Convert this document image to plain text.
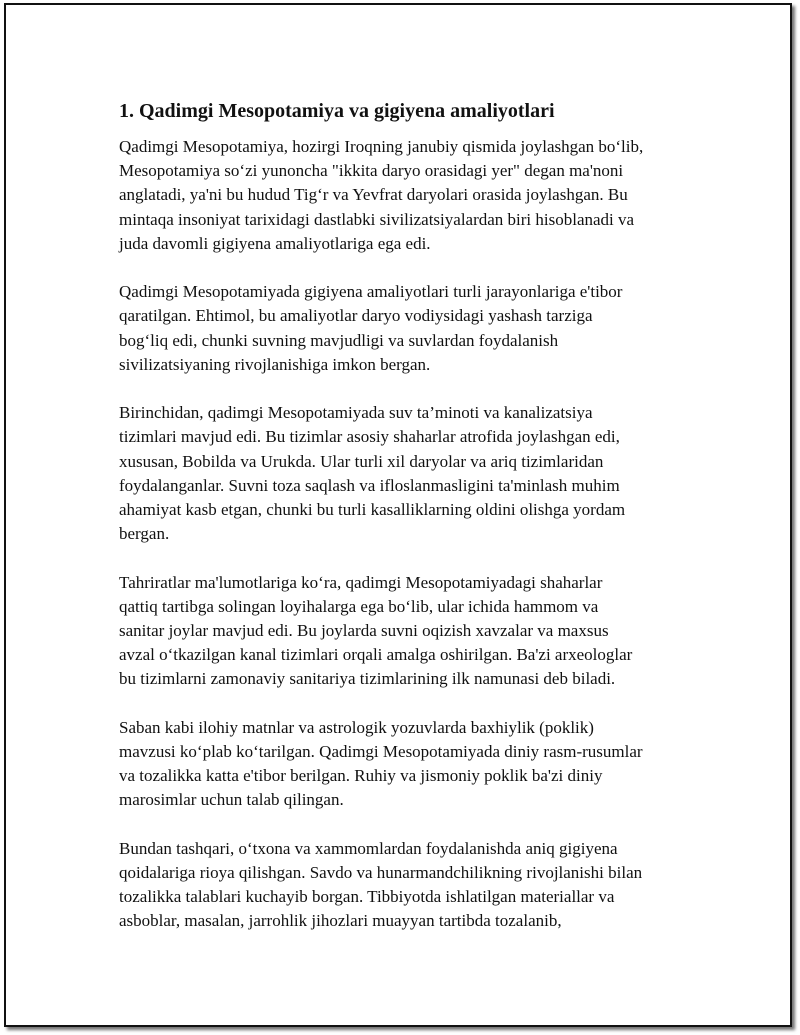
1. Qadimgi Mesopotamiya va gigiyena amaliyotlari

Qadimgi Mesopotamiya, hozirgi Iroqning janubiy qismida joylashgan bo‘lib,
Mesopotamiya so‘zi yunoncha "ikkita daryo orasidagi yer" degan ma'noni
anglatadi, ya'ni bu hudud Tig‘r va Yevfrat daryolari orasida joylashgan. Bu
mintaqa insoniyat tarixidagi dastlabki sivilizatsiyalardan biri hisoblanadi va
juda davomli gigiyena amaliyotlariga ega edi.

Qadimgi Mesopotamiyada gigiyena amaliyotlari turli jarayonlariga e'tibor
qaratilgan. Ehtimol, bu amaliyotlar daryo vodiysidagi yashash tarziga
bog‘liq edi, chunki suvning mavjudligi va suvlardan foydalanish
sivilizatsiyaning rivojlanishiga imkon bergan.

Birinchidan, qadimgi Mesopotamiyada suv ta’minoti va kanalizatsiya
tizimlari mavjud edi. Bu tizimlar asosiy shaharlar atrofida joylashgan edi,
xususan, Bobilda va Urukda. Ular turli xil daryolar va ariq tizimlaridan
foydalanganlar. Suvni toza saqlash va ifloslanmasligini ta'minlash muhim
ahamiyat kasb etgan, chunki bu turli kasalliklarning oldini olishga yordam
bergan.

Tahriratlar ma'lumotlariga ko‘ra, qadimgi Mesopotamiyadagi shaharlar
qattiq tartibga solingan loyihalarga ega bo‘lib, ular ichida hammom va
sanitar joylar mavjud edi. Bu joylarda suvni oqizish xavzalar va maxsus
avzal o‘tkazilgan kanal tizimlari orqali amalga oshirilgan. Ba'zi arxeologlar
bu tizimlarni zamonaviy sanitariya tizimlarining ilk namunasi deb biladi.

Saban kabi ilohiy matnlar va astrologik yozuvlarda baxhiylik (poklik)
mavzusi ko‘plab ko‘tarilgan. Qadimgi Mesopotamiyada diniy rasm-rusumlar
va tozalikka katta e'tibor berilgan. Ruhiy va jismoniy poklik ba'zi diniy
marosimlar uchun talab qilingan.

Bundan tashqari, o‘txona va xammomlardan foydalanishda aniq gigiyena
qoidalariga rioya qilishgan. Savdo va hunarmandchilikning rivojlanishi bilan
tozalikka talablari kuchayib borgan. Tibbiyotda ishlatilgan materiallar va
asboblar, masalan, jarrohlik jihozlari muayyan tartibda tozalanib,
